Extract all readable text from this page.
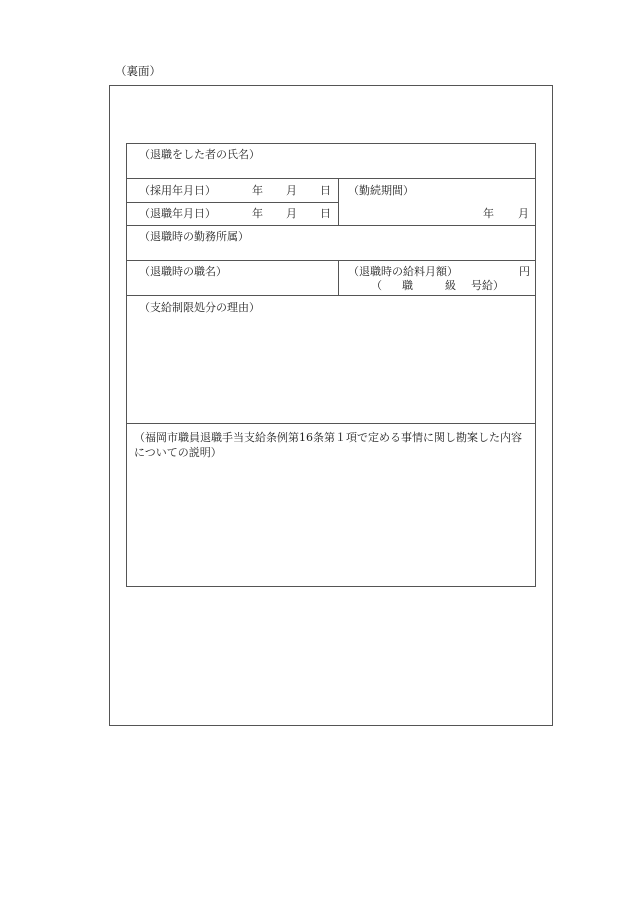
（裏面）
（退職をした者の氏名）
（採用年月日）	年 月 日
（退職年月日）	年 月 日
（勤続期間）
年 月
（退職時の勤務所属）
（退職時の職名）	（退職時の給料月額）	円
（ 職	級 号給）
（支給制限処分の理由）
（福岡市職員退職手当支給条例第16条第１項で定める事情に関し勘案した内容についての説明）
